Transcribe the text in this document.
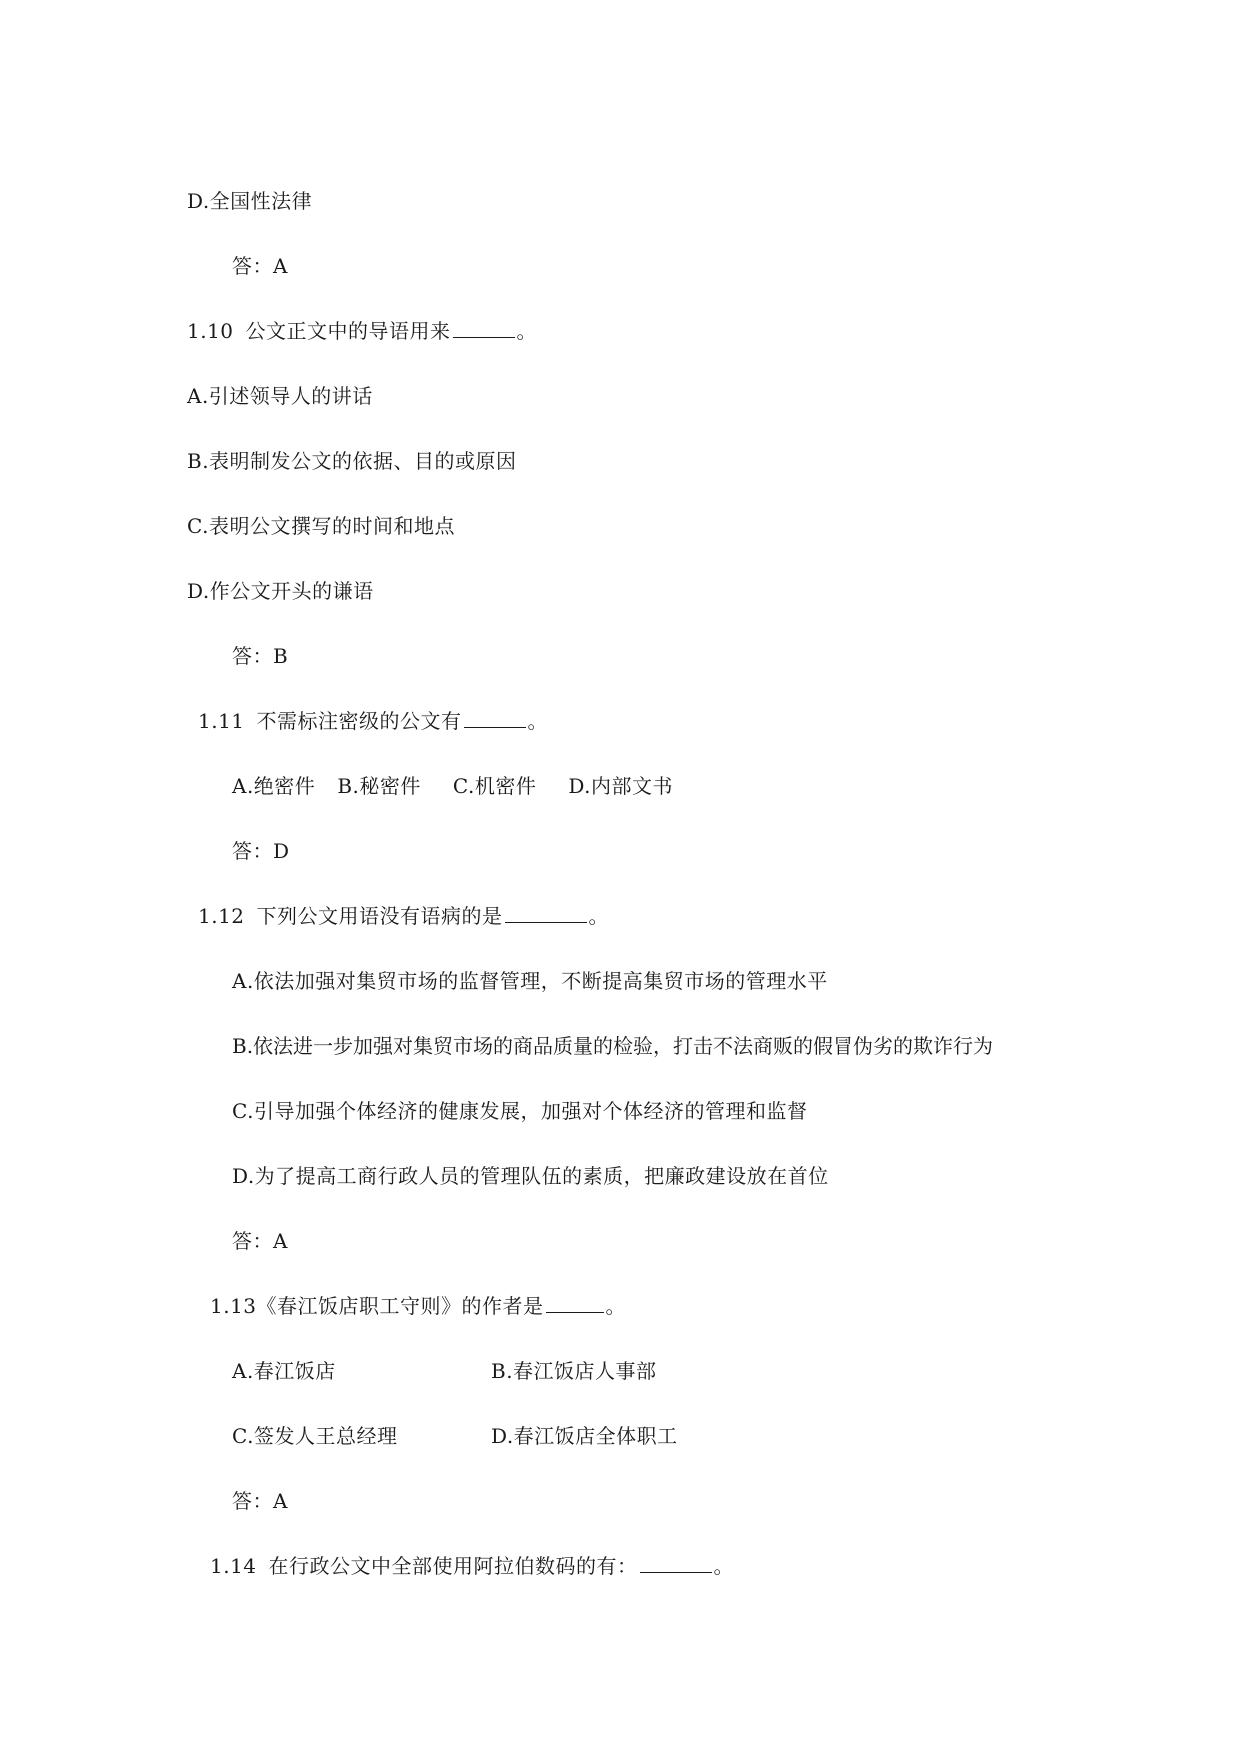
D.全国性法律
答：A
1.10 公文正文中的导语用来	。
A.引述领导人的讲话
B.表明制发公文的依据、目的或原因
C.表明公文撰写的时间和地点
D.作公文开头的谦语
答：B
1.11 不需标注密级的公文有	。
A.绝密件 B.秘密件 C.机密件 D.内部文书
答：D
1.12 下列公文用语没有语病的是	。
A.依法加强对集贸市场的监督管理，不断提高集贸市场的管理水平
B.依法进一步加强对集贸市场的商品质量的检验，打击不法商贩的假冒伪劣的欺诈行为
C.引导加强个体经济的健康发展，加强对个体经济的管理和监督
D.为了提高工商行政人员的管理队伍的素质，把廉政建设放在首位
答：A
1.13《春江饭店职工守则》的作者是	。
A.春江饭店	B.春江饭店人事部
C.签发人王总经理	D.春江饭店全体职工
答：A
1.14 在行政公文中全部使用阿拉伯数码的有：	。
